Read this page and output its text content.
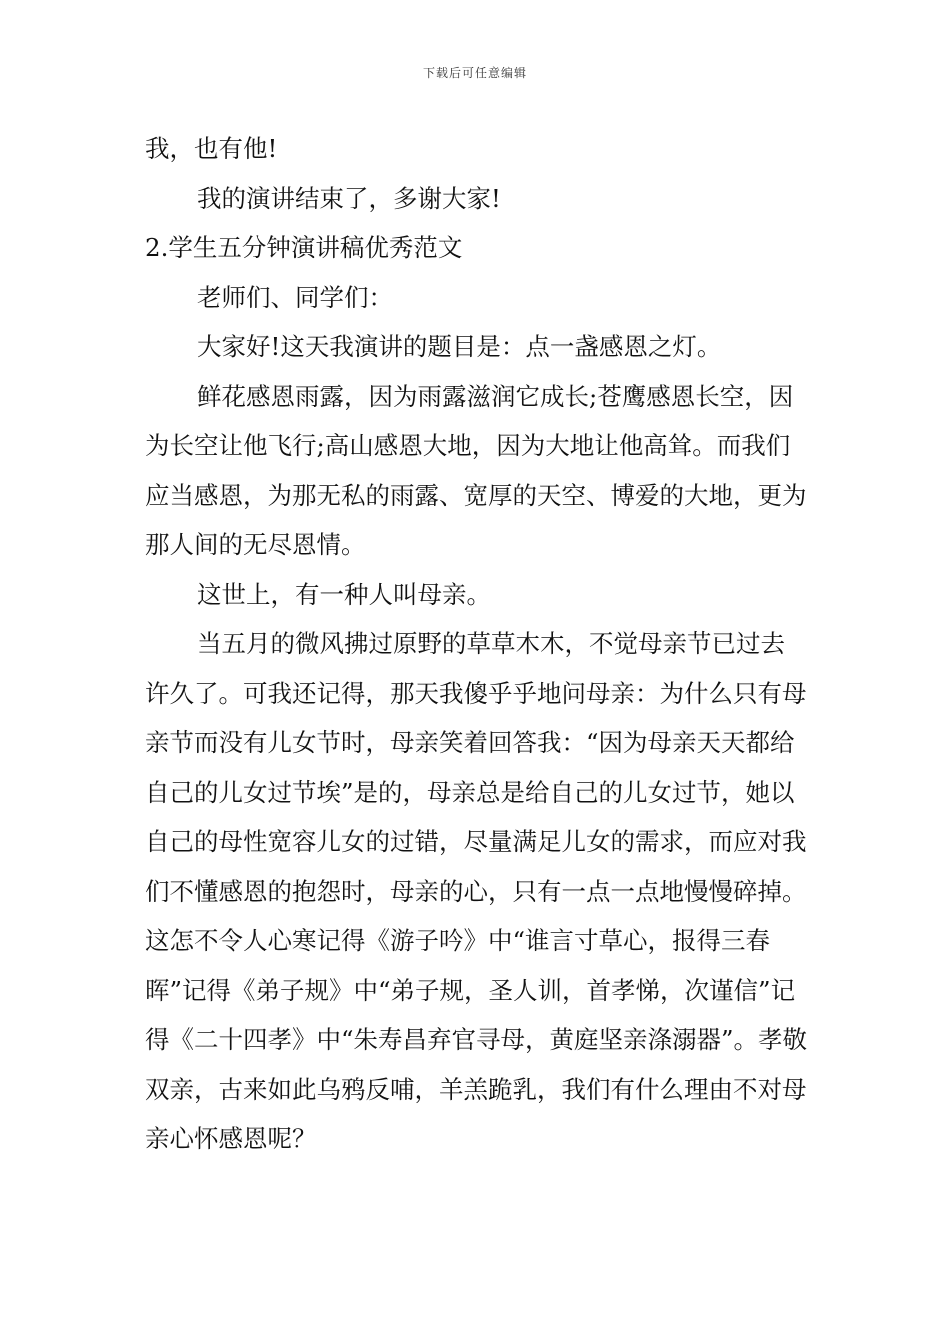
下载后可任意编辑

我，也有他!

我的演讲结束了，多谢大家!

2.学生五分钟演讲稿优秀范文

老师们、同学们：

大家好!这天我演讲的题目是：点一盏感恩之灯。

鲜花感恩雨露，因为雨露滋润它成长;苍鹰感恩长空，因为长空让他飞行;高山感恩大地，因为大地让他高耸。而我们应当感恩，为那无私的雨露、宽厚的天空、博爱的大地，更为那人间的无尽恩情。

这世上，有一种人叫母亲。

当五月的微风拂过原野的草草木木，不觉母亲节已过去许久了。可我还记得，那天我傻乎乎地问母亲：为什么只有母亲节而没有儿女节时，母亲笑着回答我：“因为母亲天天都给自己的儿女过节埃”是的，母亲总是给自己的儿女过节，她以自己的母性宽容儿女的过错，尽量满足儿女的需求，而应对我们不懂感恩的抱怨时，母亲的心，只有一点一点地慢慢碎掉。这怎不令人心寒记得《游子吟》中“谁言寸草心，报得三春晖”记得《弟子规》中“弟子规，圣人训，首孝悌，次谨信”记得《二十四孝》中“朱寿昌弃官寻母，黄庭坚亲涤溺器”。孝敬双亲，古来如此乌鸦反哺，羊羔跪乳，我们有什么理由不对母亲心怀感恩呢？
